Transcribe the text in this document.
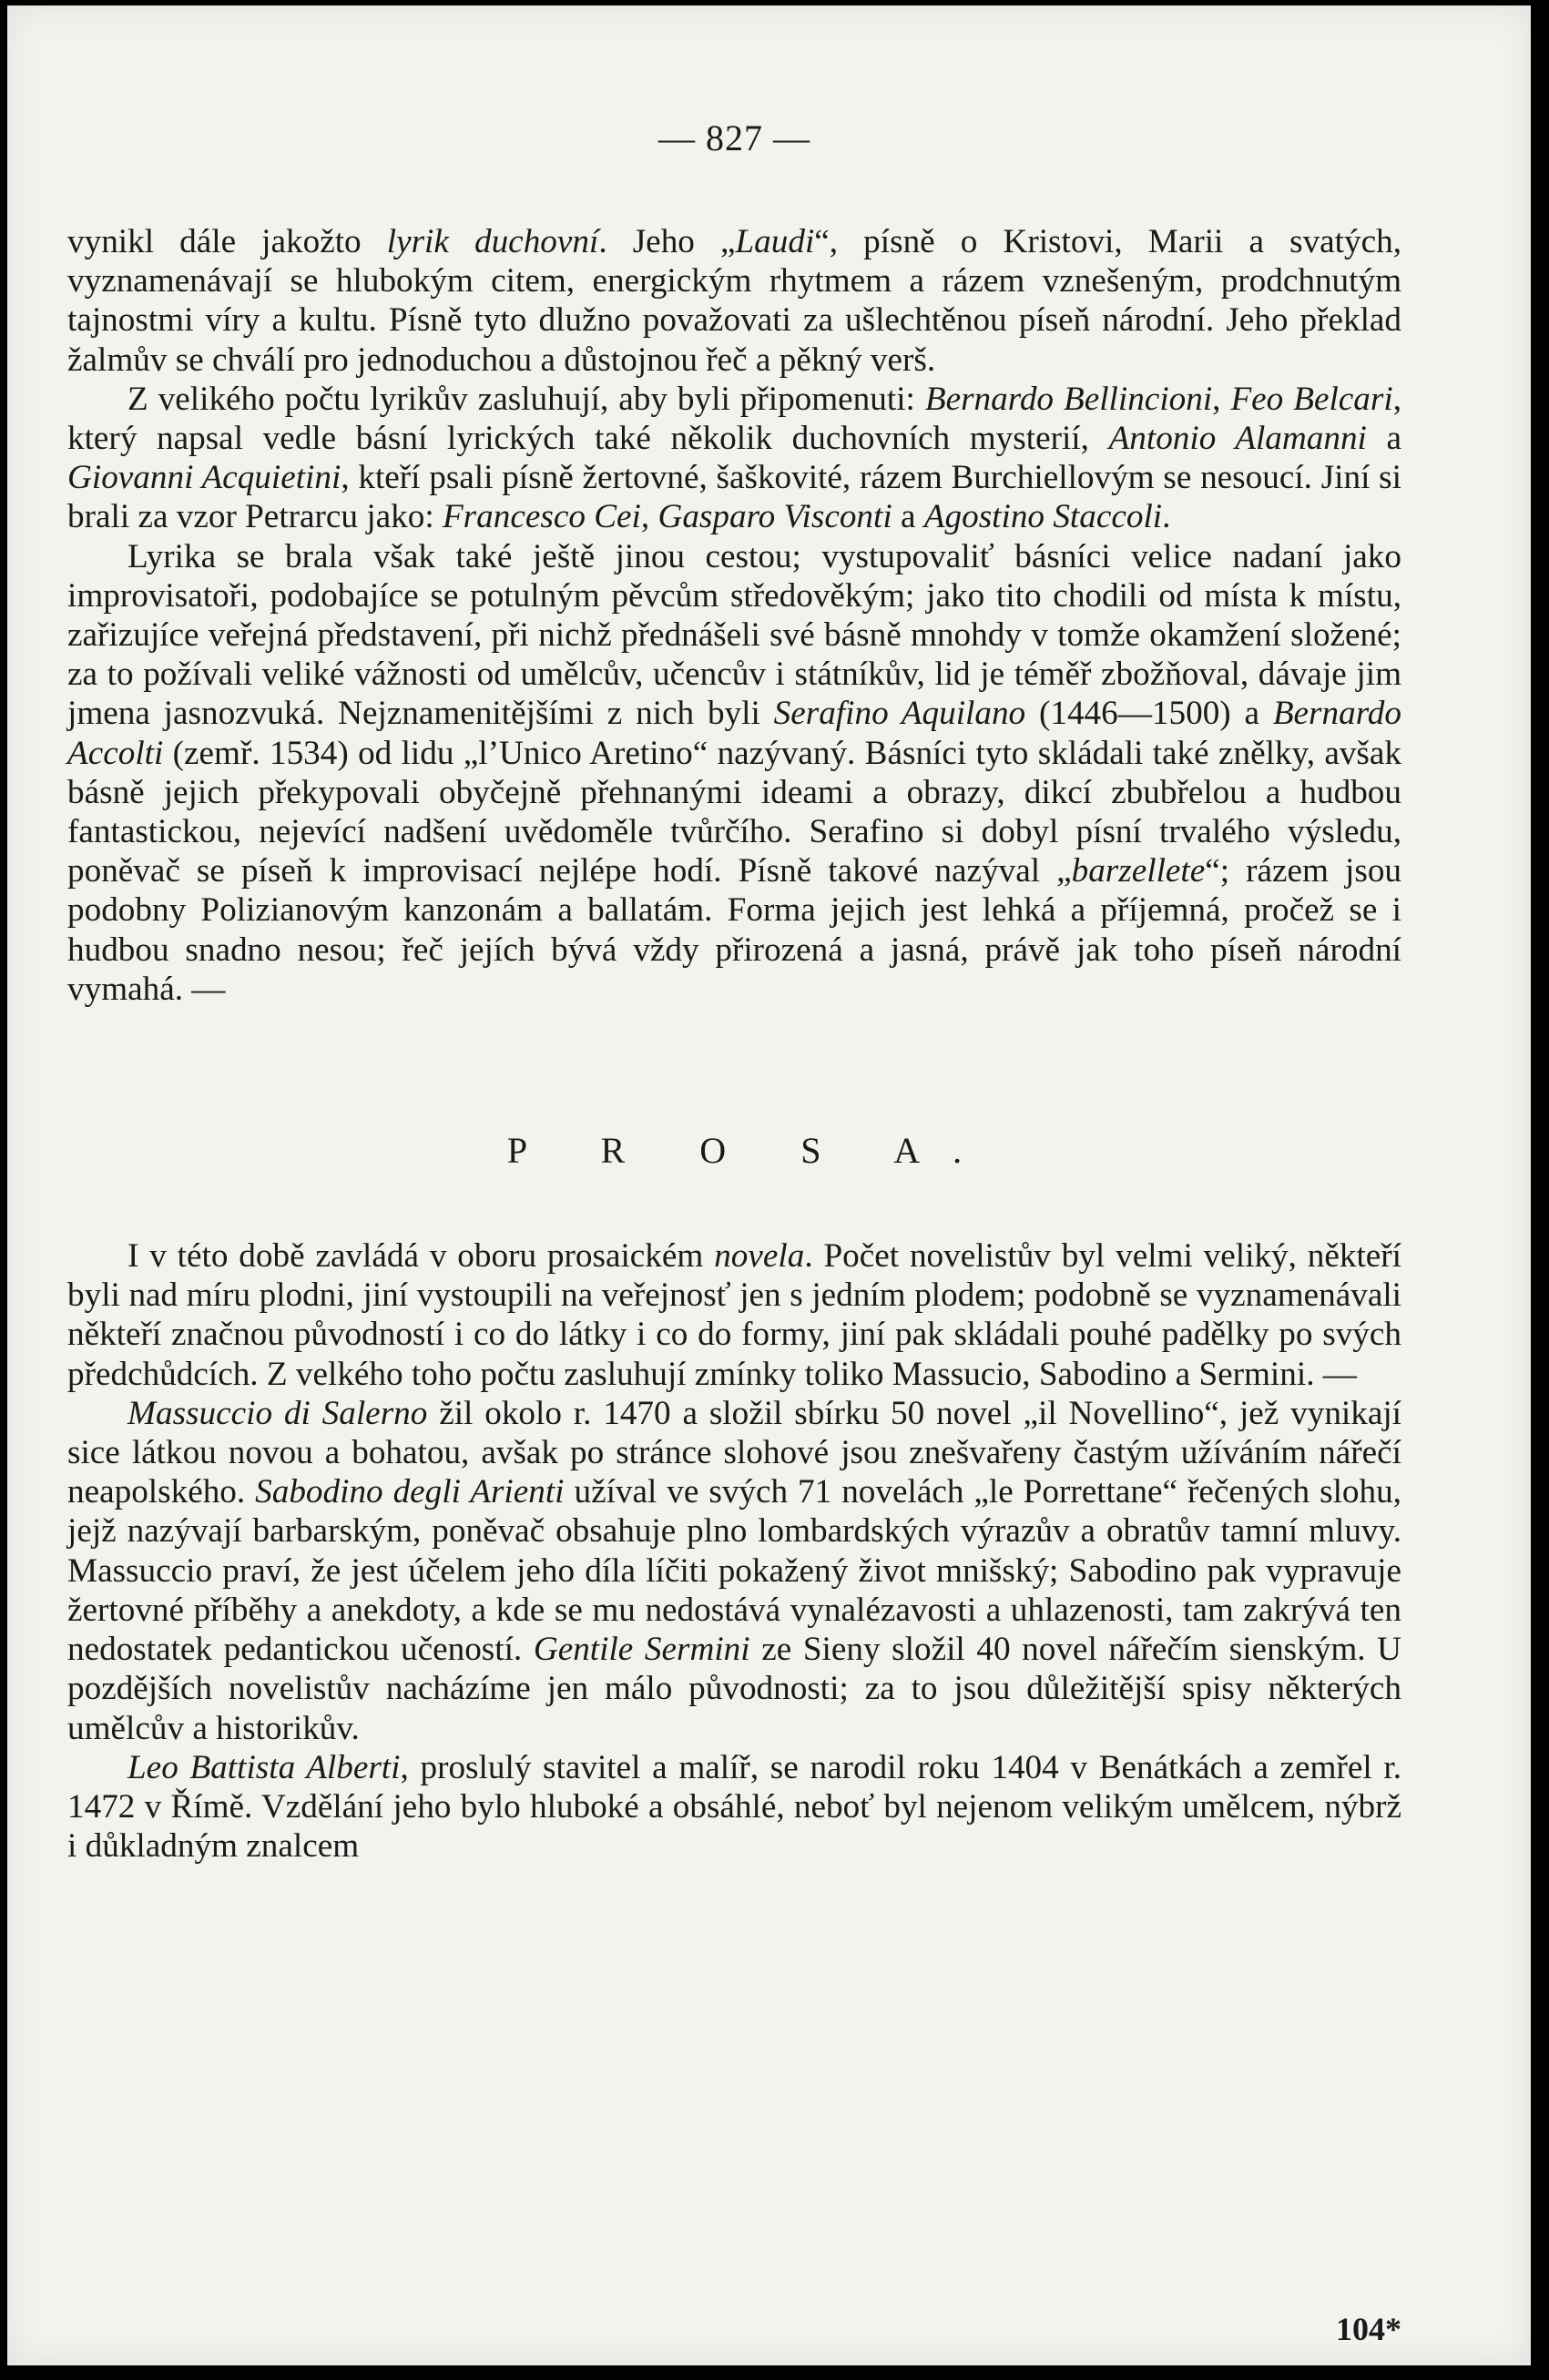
— 827 —

vynikl dále jakožto lyrik duchovní. Jeho „Laudi“, písně o Kristovi, Marii a svatých, vyznamenávají se hlubokým citem, energickým rhytmem a rázem vznešeným, prodchnutým tajnostmi víry a kultu. Písně tyto dlužno považovati za ušlechtěnou píseň národní. Jeho překlad žalmův se chválí pro jednoduchou a důstojnou řeč a pěkný verš.

Z velikého počtu lyrikův zasluhují, aby byli připomenuti: Bernardo Bellincioni, Feo Belcari, který napsal vedle básní lyrických také několik duchovních mysterií, Antonio Alamanni a Giovanni Acquietini, kteří psali písně žertovné, šaškovité, rázem Burchiellovým se nesoucí. Jiní si brali za vzor Petrarcu jako: Francesco Cei, Gasparo Visconti a Agostino Staccoli.

Lyrika se brala však také ještě jinou cestou; vystupovaliť básníci velice nadaní jako improvisatoři, podobajíce se potulným pěvcům středověkým; jako tito chodili od místa k místu, zařizujíce veřejná představení, při nichž přednášeli své básně mnohdy v tomže okamžení složené; za to požívali veliké vážnosti od umělcův, učencův i státníkův, lid je téměř zbožňoval, dávaje jim jmena jasnozvuká. Nejznamenitějšími z nich byli Serafino Aquilano (1446—1500) a Bernardo Accolti (zemř. 1534) od lidu „l’Unico Aretino“ nazývaný. Básníci tyto skládali také znělky, avšak básně jejich překypovali obyčejně přehnanými ideami a obrazy, dikcí zbubřelou a hudbou fantastickou, nejevící nadšení uvědoměle tvůrčího. Serafino si dobyl písní trvalého výsledu, poněvač se píseň k improvisací nejlépe hodí. Písně takové nazýval „barzellete“; rázem jsou podobny Polizianovým kanzonám a ballatám. Forma jejich jest lehká a příjemná, pročež se i hudbou snadno nesou; řeč jejích bývá vždy přirozená a jasná, právě jak toho píseň národní vymahá. —

P R O S A.

I v této době zavládá v oboru prosaickém novela. Počet novelistův byl velmi veliký, někteří byli nad míru plodni, jiní vystoupili na veřejnosť jen s jedním plodem; podobně se vyznamenávali někteří značnou původností i co do látky i co do formy, jiní pak skládali pouhé padělky po svých předchůdcích. Z velkého toho počtu zasluhují zmínky toliko Massucio, Sabodino a Sermini. —

Massuccio di Salerno žil okolo r. 1470 a složil sbírku 50 novel „il Novellino“, jež vynikají sice látkou novou a bohatou, avšak po stránce slohové jsou znešvařeny častým užíváním nářečí neapolského. Sabodino degli Arienti užíval ve svých 71 novelách „le Porrettane“ řečených slohu, jejž nazývají barbarským, poněvač obsahuje plno lombardských výrazův a obratův tamní mluvy. Massuccio praví, že jest účelem jeho díla líčiti pokažený život mnišský; Sabodino pak vypravuje žertovné příběhy a anekdoty, a kde se mu nedostává vynalézavosti a uhlazenosti, tam zakrývá ten nedostatek pedantickou učeností. Gentile Sermini ze Sieny složil 40 novel nářečím sienským. U pozdějších novelistův nacházíme jen málo původnosti; za to jsou důležitější spisy některých umělcův a historikův.

Leo Battista Alberti, proslulý stavitel a malíř, se narodil roku 1404 v Benátkách a zemřel r. 1472 v Římě. Vzdělání jeho bylo hluboké a obsáhlé, neboť byl nejenom velikým umělcem, nýbrž i důkladným znalcem

104*
